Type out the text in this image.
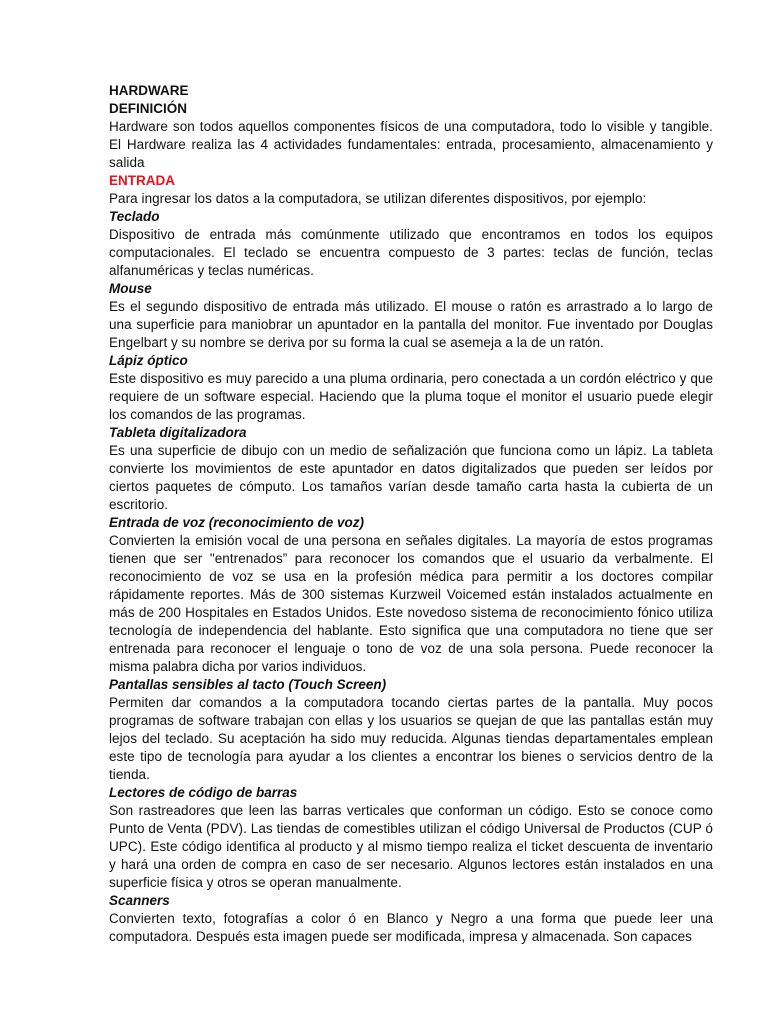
HARDWARE
DEFINICIÓN

Hardware son todos aquellos componentes físicos de una computadora, todo lo visible y tangible. El Hardware realiza las 4 actividades fundamentales: entrada, procesamiento, almacenamiento y salida

ENTRADA

Para ingresar los datos a la computadora, se utilizan diferentes dispositivos, por ejemplo:

Teclado

Dispositivo de entrada más comúnmente utilizado que encontramos en todos los equipos computacionales. El teclado se encuentra compuesto de 3 partes: teclas de función, teclas alfanuméricas y teclas numéricas.

Mouse

Es el segundo dispositivo de entrada más utilizado. El mouse o ratón es arrastrado a lo largo de una superficie para maniobrar un apuntador en la pantalla del monitor. Fue inventado por Douglas Engelbart y su nombre se deriva por su forma la cual se asemeja a la de un ratón.

Lápiz óptico

Este dispositivo es muy parecido a una pluma ordinaria, pero conectada a un cordón eléctrico y que requiere de un software especial. Haciendo que la pluma toque el monitor el usuario puede elegir los comandos de las programas.

Tableta digitalizadora

Es una superficie de dibujo con un medio de señalización que funciona como un lápiz. La tableta convierte los movimientos de este apuntador en datos digitalizados que pueden ser leídos por ciertos paquetes de cómputo. Los tamaños varían desde tamaño carta hasta la cubierta de un escritorio.

Entrada de voz (reconocimiento de voz)

Convierten la emisión vocal de una persona en señales digitales. La mayoría de estos programas tienen que ser "entrenados” para reconocer los comandos que el usuario da verbalmente. El reconocimiento de voz se usa en la profesión médica para permitir a los doctores compilar rápidamente reportes. Más de 300 sistemas Kurzweil Voicemed están instalados actualmente en más de 200 Hospitales en Estados Unidos. Este novedoso sistema de reconocimiento fónico utiliza tecnología de independencia del hablante. Esto significa que una computadora no tiene que ser entrenada para reconocer el lenguaje o tono de voz de una sola persona. Puede reconocer la misma palabra dicha por varios individuos.

Pantallas sensibles al tacto (Touch Screen)

Permiten dar comandos a la computadora tocando ciertas partes de la pantalla. Muy pocos programas de software trabajan con ellas y los usuarios se quejan de que las pantallas están muy lejos del teclado. Su aceptación ha sido muy reducida. Algunas tiendas departamentales emplean este tipo de tecnología para ayudar a los clientes a encontrar los bienes o servicios dentro de la tienda.

Lectores de código de barras

Son rastreadores que leen las barras verticales que conforman un código. Esto se conoce como Punto de Venta (PDV). Las tiendas de comestibles utilizan el código Universal de Productos (CUP ó UPC). Este código identifica al producto y al mismo tiempo realiza el ticket descuenta de inventario y hará una orden de compra en caso de ser necesario. Algunos lectores están instalados en una superficie física y otros se operan manualmente.

Scanners

Convierten texto, fotografías a color ó en Blanco y Negro a una forma que puede leer una computadora. Después esta imagen puede ser modificada, impresa y almacenada. Son capaces
